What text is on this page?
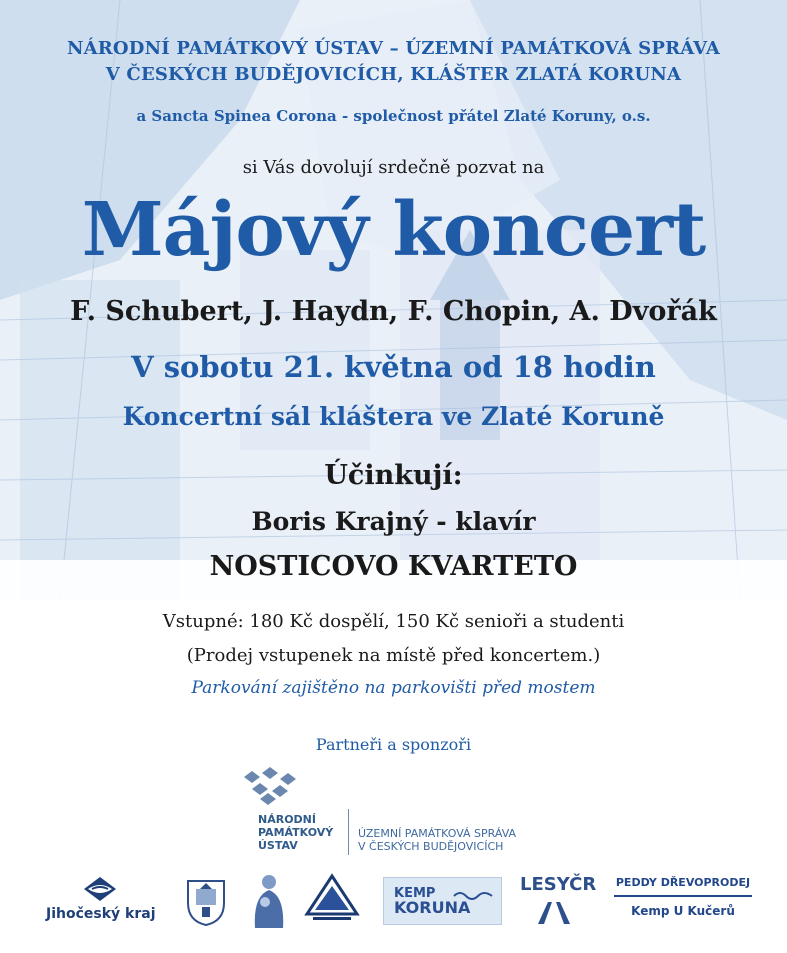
NÁRODNÍ PAMÁTKOVÝ ÚSTAV – ÚZEMNÍ PAMÁTKOVÁ SPRÁVA
V ČESKÝCH BUDĚJOVICÍCH, KLÁŠTER ZLATÁ KORUNA
a Sancta Spinea Corona - společnost přátel Zlaté Koruny, o.s.
si Vás dovolují srdečně pozvat na
Májový koncert
F. Schubert, J. Haydn, F. Chopin, A. Dvořák
V sobotu 21. května od 18 hodin
Koncertní sál kláštera ve Zlaté Koruně
Účinkují:
Boris Krajný - klavír
NOSTICOVO KVARTETO
Vstupné: 180 Kč dospělí, 150 Kč senioři a studenti
(Prodej vstupenek na místě před koncertem.)
Parkování zajištěno na parkovišti před mostem
Partneři a sponzoři
NÁRODNÍ
PAMÁTKOVÝ
ÚSTAV
ÚZEMNÍ PAMÁTKOVÁ SPRÁVA
V ČESKÝCH BUDĚJOVICÍCH
Jihočeský kraj
KEMP
KORUNA
LESYČR PEDDY DŘEVOPRODEJ
Kemp U Kučerů
